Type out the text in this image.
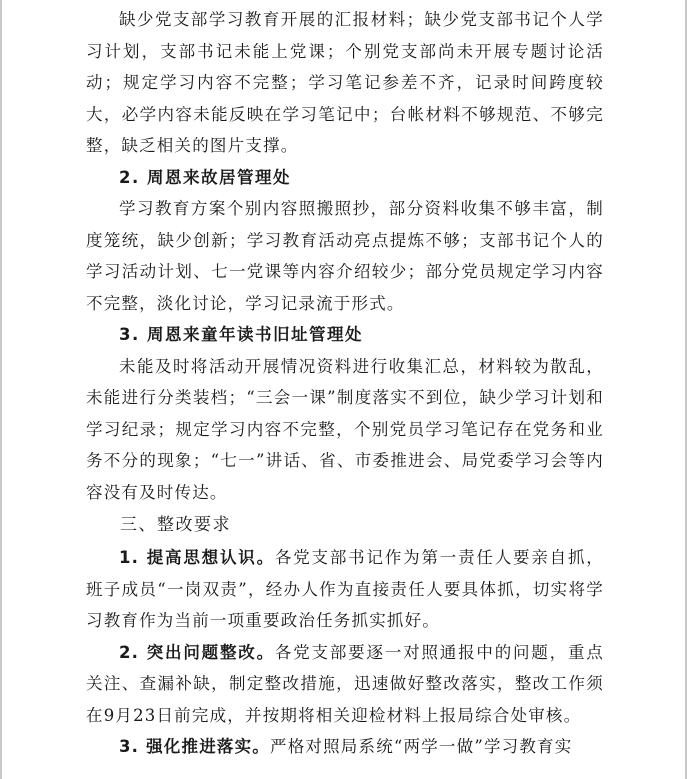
缺少党支部学习教育开展的汇报材料；缺少党支部书记个人学习计划，支部书记未能上党课；个别党支部尚未开展专题讨论活动；规定学习内容不完整；学习笔记参差不齐，记录时间跨度较大，必学内容未能反映在学习笔记中；台帐材料不够规范、不够完整，缺乏相关的图片支撑。

2. 周恩来故居管理处

学习教育方案个别内容照搬照抄，部分资料收集不够丰富，制度笼统，缺少创新；学习教育活动亮点提炼不够；支部书记个人的学习活动计划、七一党课等内容介绍较少；部分党员规定学习内容不完整，淡化讨论，学习记录流于形式。

3. 周恩来童年读书旧址管理处

未能及时将活动开展情况资料进行收集汇总，材料较为散乱，未能进行分类装档；“三会一课”制度落实不到位，缺少学习计划和学习纪录；规定学习内容不完整，个别党员学习笔记存在党务和业务不分的现象；“七一”讲话、省、市委推进会、局党委学习会等内容没有及时传达。

三、整改要求

1. 提高思想认识。各党支部书记作为第一责任人要亲自抓，班子成员“一岗双责”，经办人作为直接责任人要具体抓，切实将学习教育作为当前一项重要政治任务抓实抓好。

2. 突出问题整改。各党支部要逐一对照通报中的问题，重点关注、查漏补缺，制定整改措施，迅速做好整改落实，整改工作须在9月23日前完成，并按期将相关迎检材料上报局综合处审核。

3. 强化推进落实。严格对照局系统“两学一做”学习教育实
